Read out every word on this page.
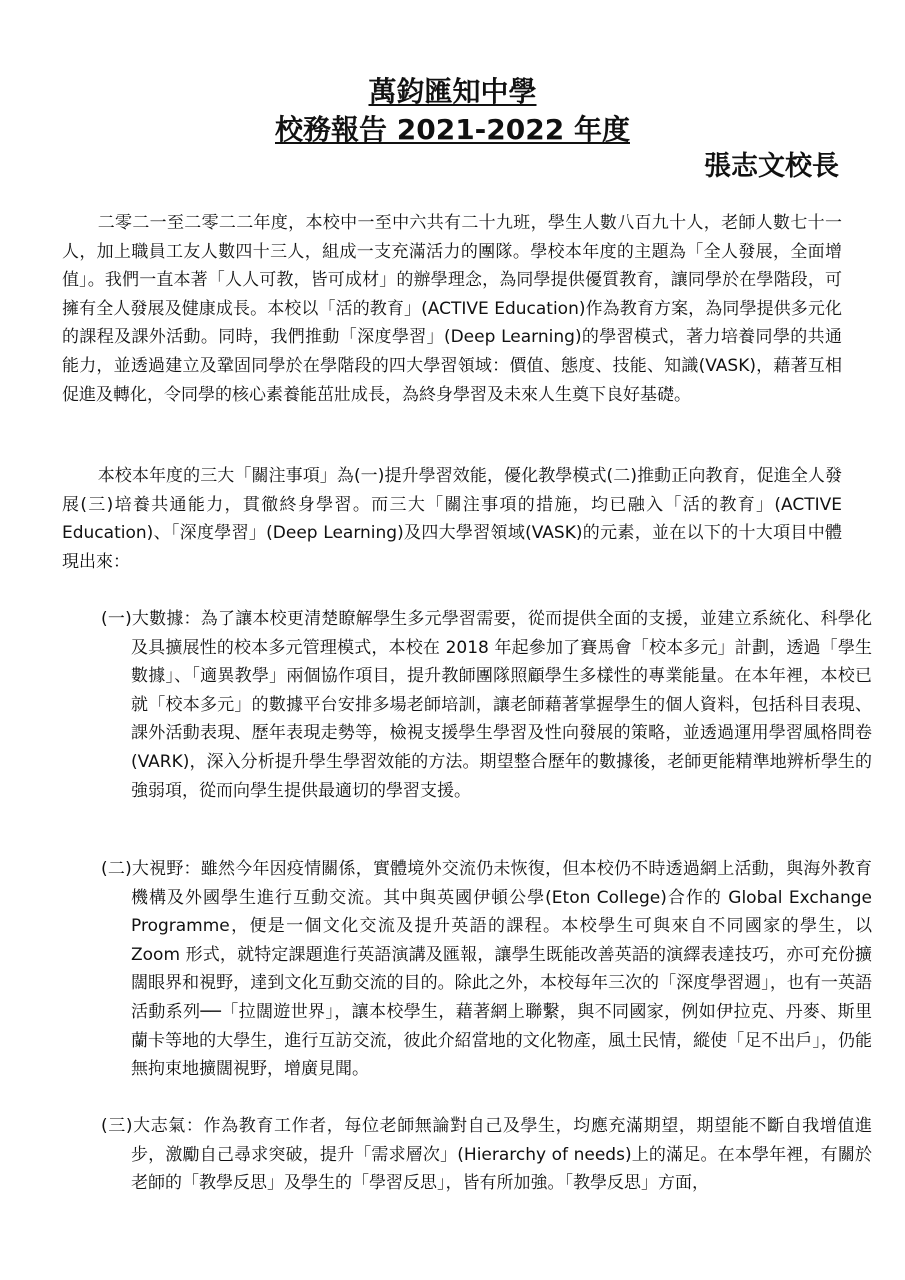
萬鈞匯知中學
校務報告 2021-2022 年度

張志文校長

二零二一至二零二二年度，本校中一至中六共有二十九班，學生人數八百九十人，老師人數七十一人，加上職員工友人數四十三人，組成一支充滿活力的團隊。學校本年度的主題為「全人發展，全面增值」。我們一直本著「人人可教，皆可成材」的辦學理念，為同學提供優質教育，讓同學於在學階段，可擁有全人發展及健康成長。本校以「活的教育」(ACTIVE Education)作為教育方案，為同學提供多元化的課程及課外活動。同時，我們推動「深度學習」(Deep Learning)的學習模式，著力培養同學的共通能力，並透過建立及鞏固同學於在學階段的四大學習領域：價值、態度、技能、知識(VASK)，藉著互相促進及轉化，令同學的核心素養能茁壯成長，為終身學習及未來人生奠下良好基礎。

本校本年度的三大「關注事項」為(一)提升學習效能，優化教學模式(二)推動正向教育，促進全人發展(三)培養共通能力，貫徹終身學習。而三大「關注事項的措施，均已融入「活的教育」(ACTIVE Education)、「深度學習」(Deep Learning)及四大學習領域(VASK)的元素，並在以下的十大項目中體現出來：

(一)大數據：為了讓本校更清楚瞭解學生多元學習需要，從而提供全面的支援，並建立系統化、科學化及具擴展性的校本多元管理模式，本校在 2018 年起參加了賽馬會「校本多元」計劃，透過「學生數據」、「適異教學」兩個協作項目，提升教師團隊照顧學生多樣性的專業能量。在本年裡，本校已就「校本多元」的數據平台安排多場老師培訓，讓老師藉著掌握學生的個人資料，包括科目表現、課外活動表現、歷年表現走勢等，檢視支援學生學習及性向發展的策略，並透過運用學習風格問卷(VARK)，深入分析提升學生學習效能的方法。期望整合歷年的數據後，老師更能精準地辨析學生的強弱項，從而向學生提供最適切的學習支援。

(二)大視野：雖然今年因疫情關係，實體境外交流仍未恢復，但本校仍不時透過網上活動，與海外教育機構及外國學生進行互動交流。其中與英國伊頓公學(Eton College)合作的 Global Exchange Programme，便是一個文化交流及提升英語的課程。本校學生可與來自不同國家的學生，以 Zoom 形式，就特定課題進行英語演講及匯報，讓學生既能改善英語的演繹表達技巧，亦可充份擴闊眼界和視野，達到文化互動交流的目的。除此之外，本校每年三次的「深度學習週」，也有一英語活動系列──「拉闊遊世界」，讓本校學生，藉著網上聯繫，與不同國家，例如伊拉克、丹麥、斯里蘭卡等地的大學生，進行互訪交流，彼此介紹當地的文化物產，風土民情，縱使「足不出戶」，仍能無拘束地擴闊視野，增廣見聞。

(三)大志氣：作為教育工作者，每位老師無論對自己及學生，均應充滿期望，期望能不斷自我增值進步，激勵自己尋求突破，提升「需求層次」(Hierarchy of needs)上的滿足。在本學年裡，有關於老師的「教學反思」及學生的「學習反思」，皆有所加強。「教學反思」方面，
